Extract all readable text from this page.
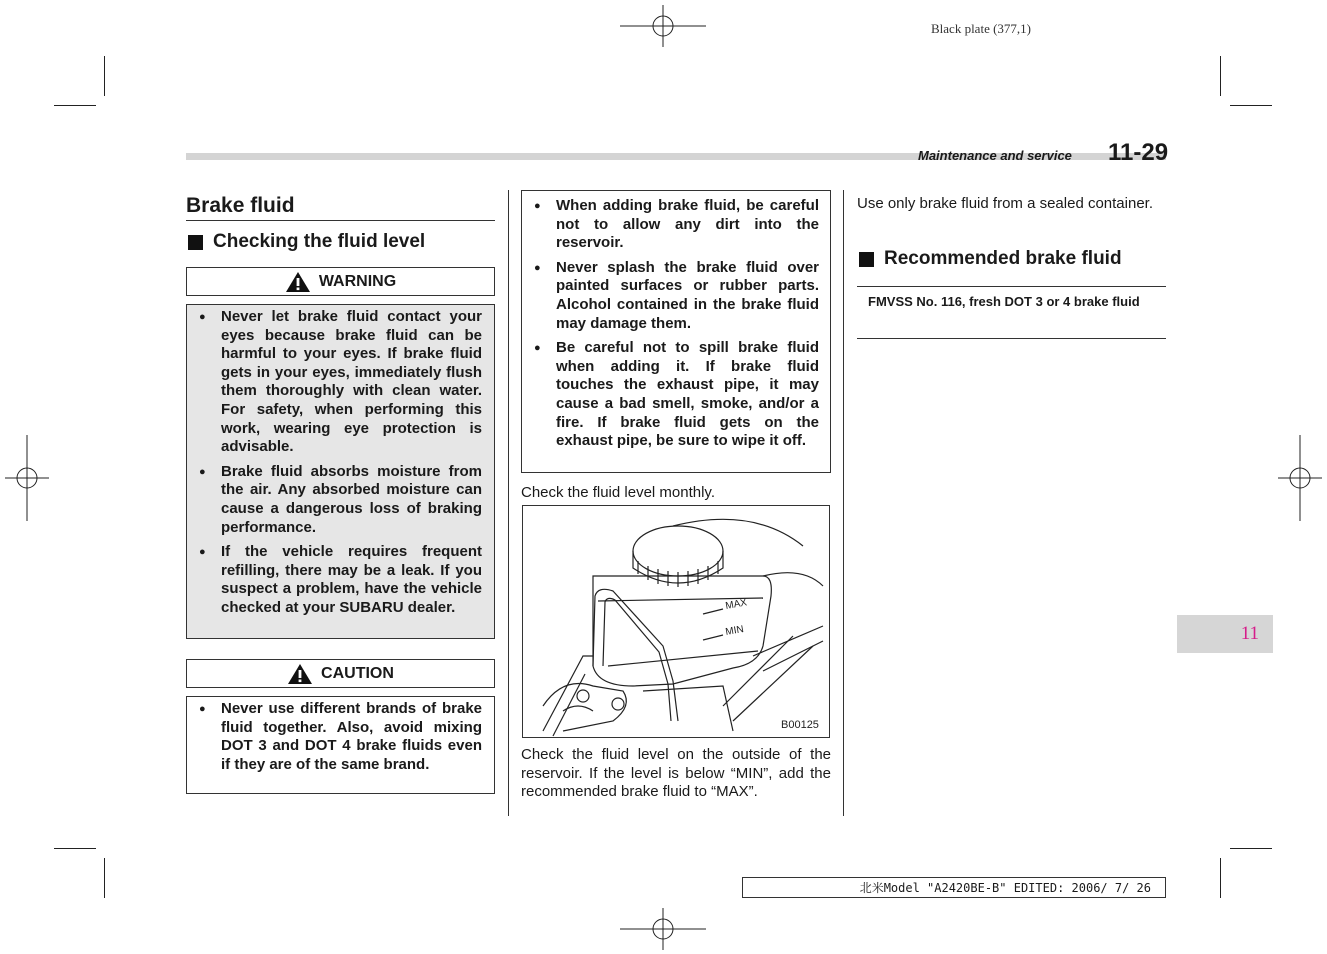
Black plate (377,1)
Maintenance and service 11-29
Brake fluid
Checking the fluid level
WARNING
● Never let brake fluid contact your eyes because brake fluid can be harmful to your eyes. If brake fluid gets in your eyes, immediately flush them thoroughly with clean water. For safety, when performing this work, wearing eye protection is advisable.
● Brake fluid absorbs moisture from the air. Any absorbed moisture can cause a dangerous loss of braking performance.
● If the vehicle requires frequent refilling, there may be a leak. If you suspect a problem, have the vehicle checked at your SUBARU dealer.
CAUTION
● Never use different brands of brake fluid together. Also, avoid mixing DOT 3 and DOT 4 brake fluids even if they are of the same brand.
● When adding brake fluid, be careful not to allow any dirt into the reservoir.
● Never splash the brake fluid over painted surfaces or rubber parts. Alcohol contained in the brake fluid may damage them.
● Be careful not to spill brake fluid when adding it. If brake fluid touches the exhaust pipe, it may cause a bad smell, smoke, and/or a fire. If brake fluid gets on the exhaust pipe, be sure to wipe it off.
Check the fluid level monthly.
MAX
MIN
B00125
Check the fluid level on the outside of the reservoir. If the level is below “MIN”, add the recommended brake fluid to “MAX”.
Use only brake fluid from a sealed container.
Recommended brake fluid
FMVSS No. 116, fresh DOT 3 or 4 brake fluid
11
北米Model "A2420BE-B" EDITED: 2006/ 7/ 26
